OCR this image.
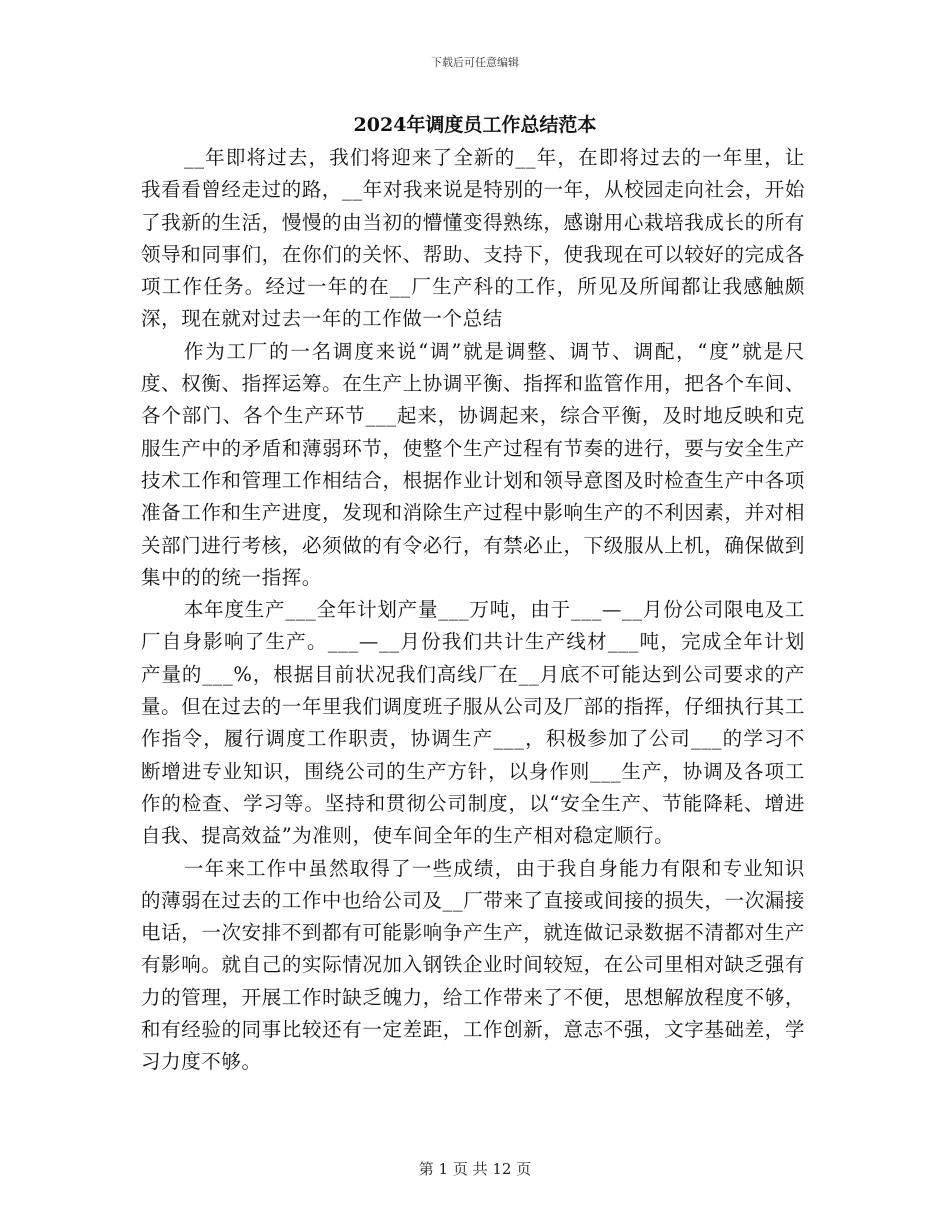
下载后可任意编辑
2024年调度员工作总结范本

__年即将过去，我们将迎来了全新的__年，在即将过去的一年里，让我看看曾经走过的路，__年对我来说是特别的一年，从校园走向社会，开始了我新的生活，慢慢的由当初的懵懂变得熟练，感谢用心栽培我成长的所有领导和同事们，在你们的关怀、帮助、支持下，使我现在可以较好的完成各项工作任务。经过一年的在__厂生产科的工作，所见及所闻都让我感触颇深，现在就对过去一年的工作做一个总结

作为工厂的一名调度来说“调”就是调整、调节、调配，“度”就是尺度、权衡、指挥运筹。在生产上协调平衡、指挥和监管作用，把各个车间、各个部门、各个生产环节___起来，协调起来，综合平衡，及时地反映和克服生产中的矛盾和薄弱环节，使整个生产过程有节奏的进行，要与安全生产技术工作和管理工作相结合，根据作业计划和领导意图及时检查生产中各项准备工作和生产进度，发现和消除生产过程中影响生产的不利因素，并对相关部门进行考核，必须做的有令必行，有禁必止，下级服从上机，确保做到集中的的统一指挥。

本年度生产___全年计划产量___万吨，由于___—__月份公司限电及工厂自身影响了生产。___—__月份我们共计生产线材___吨，完成全年计划产量的___%，根据目前状况我们高线厂在__月底不可能达到公司要求的产量。但在过去的一年里我们调度班子服从公司及厂部的指挥，仔细执行其工作指令，履行调度工作职责，协调生产___，积极参加了公司___的学习不断增进专业知识，围绕公司的生产方针，以身作则___生产，协调及各项工作的检查、学习等。坚持和贯彻公司制度，以“安全生产、节能降耗、增进自我、提高效益”为准则，使车间全年的生产相对稳定顺行。

一年来工作中虽然取得了一些成绩，由于我自身能力有限和专业知识的薄弱在过去的工作中也给公司及__厂带来了直接或间接的损失，一次漏接电话，一次安排不到都有可能影响争产生产，就连做记录数据不清都对生产有影响。就自己的实际情况加入钢铁企业时间较短，在公司里相对缺乏强有力的管理，开展工作时缺乏魄力，给工作带来了不便，思想解放程度不够，和有经验的同事比较还有一定差距，工作创新，意志不强，文字基础差，学习力度不够。

第 1 页 共 12 页
